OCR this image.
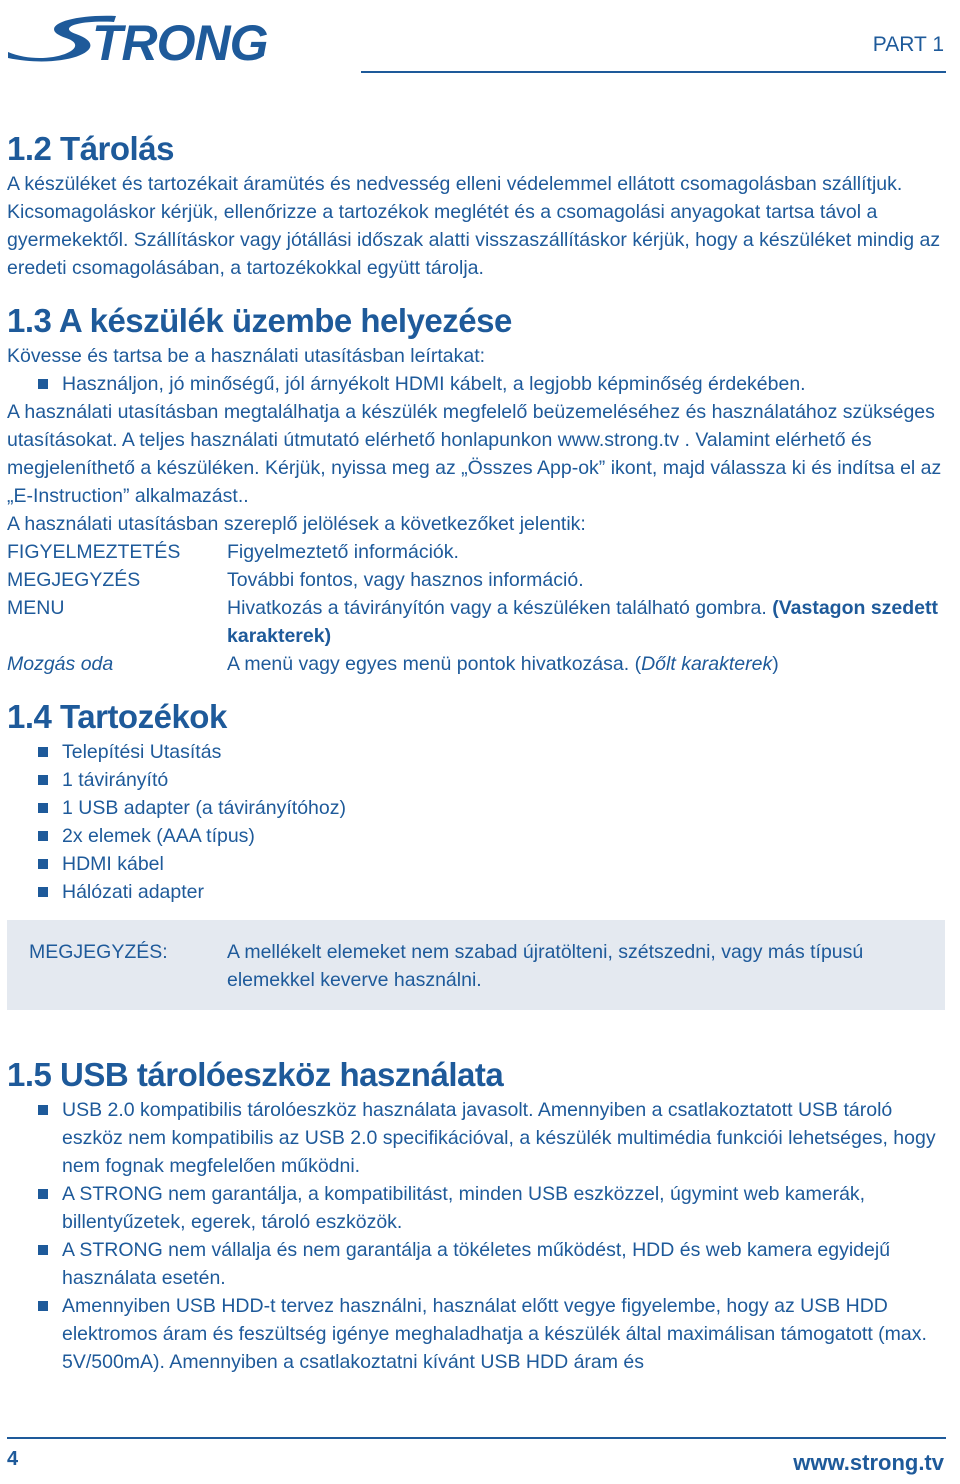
TRONG	PART 1
1.2 Tárolás

A készüléket és tartozékait áramütés és nedvesség elleni védelemmel ellátott csomagolásban szállítjuk. Kicsomagoláskor kérjük, ellenőrizze a tartozékok meglétét és a csomagolási anyagokat tartsa távol a gyermekektől. Szállításkor vagy jótállási időszak alatti visszaszállításkor kérjük, hogy a készüléket mindig az eredeti csomagolásában, a tartozékokkal együtt tárolja.

1.3 A készülék üzembe helyezése

Kövesse és tartsa be a használati utasításban leírtakat:

Használjon, jó minőségű, jól árnyékolt HDMI kábelt, a legjobb képminőség érdekében.

A használati utasításban megtalálhatja a készülék megfelelő beüzemeléséhez és használatához szükséges utasításokat. A teljes használati útmutató elérhető honlapunkon www.strong.tv . Valamint elérhető és megjeleníthető a készüléken. Kérjük, nyissa meg az „Összes App-ok” ikont, majd válassza ki és indítsa el az „E-Instruction” alkalmazást..

A használati utasításban szereplő jelölések a következőket jelentik:

FIGYELMEZTETÉS	Figyelmeztető információk.
MEGJEGYZÉS	További fontos, vagy hasznos információ.
MENU	Hivatkozás a távirányítón vagy a készüléken található gombra. (Vastagon szedett karakterek)
Mozgás oda	A menü vagy egyes menü pontok hivatkozása. (Dőlt karakterek)
1.4 Tartozékok
Telepítési Utasítás
1 távirányító
1 USB adapter (a távirányítóhoz)
2x elemek (AAA típus)
HDMI kábel
Hálózati adapter
MEGJEGYZÉS:	A mellékelt elemeket nem szabad újratölteni, szétszedni, vagy más típusú elemekkel keverve használni.
1.5 USB tárolóeszköz használata
USB 2.0 kompatibilis tárolóeszköz használata javasolt. Amennyiben a csatlakoztatott USB tároló eszköz nem kompatibilis az USB 2.0 specifikációval, a készülék multimédia funkciói lehetséges, hogy nem fognak megfelelően működni.
A STRONG nem garantálja, a kompatibilitást, minden USB eszközzel, úgymint web kamerák, billentyűzetek, egerek, tároló eszközök.
A STRONG nem vállalja és nem garantálja a tökéletes működést, HDD és web kamera egyidejű használata esetén.
Amennyiben USB HDD-t tervez használni, használat előtt vegye figyelembe, hogy az USB HDD elektromos áram és feszültség igénye meghaladhatja a készülék által maximálisan támogatott (max. 5V/500mA). Amennyiben a csatlakoztatni kívánt USB HDD áram és
4	www.strong.tv
